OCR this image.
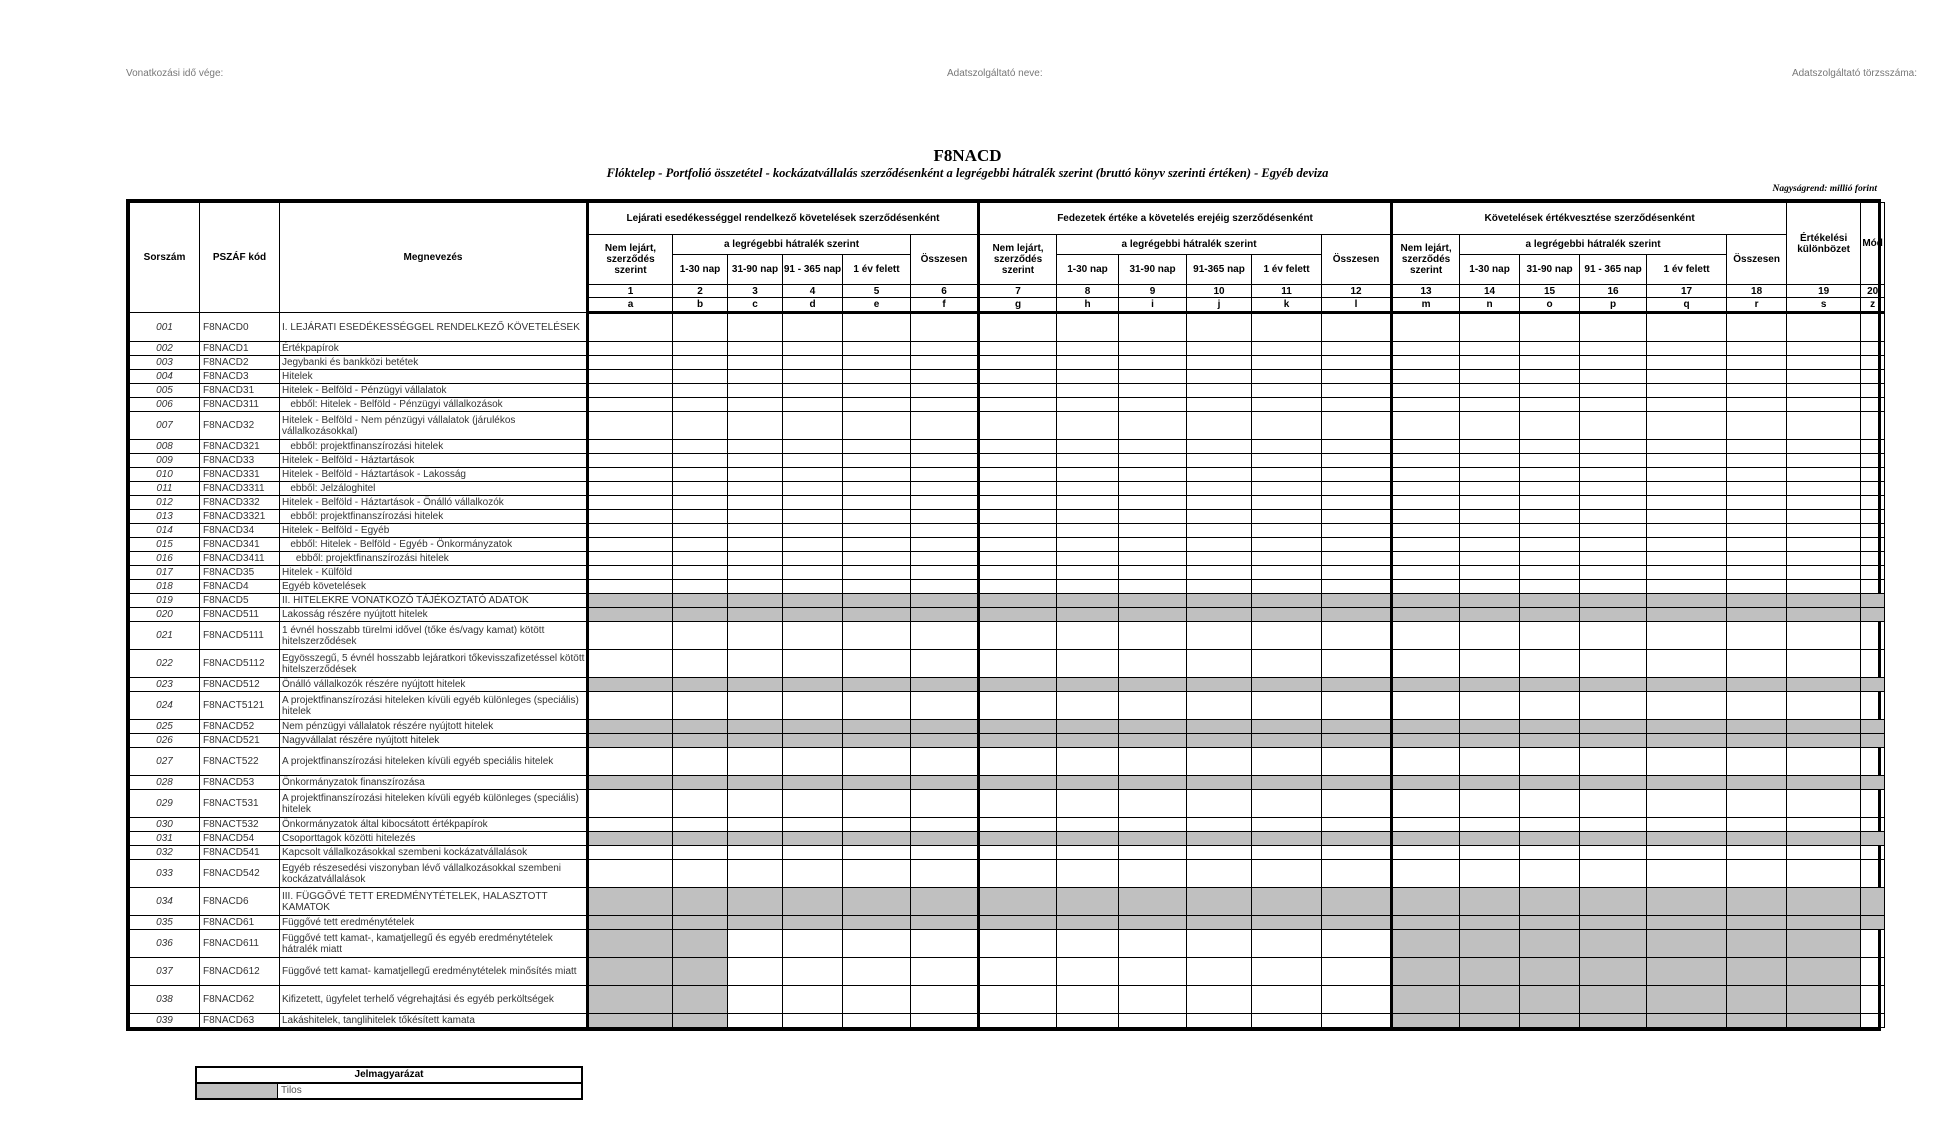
Vonatkozási idő vége:	Adatszolgáltató neve:	Adatszolgáltató törzsszáma:
F8NACD
Flóktelep - Portfolió összetétel - kockázatvállalás szerződésenként a legrégebbi hátralék szerint (bruttó könyv szerinti értéken) - Egyéb deviza
Nagyságrend: millió forint
Sorszám	PSZÁF kód	Megnevezés	Lejárati esedékességgel rendelkező követelések szerződésenként						Fedezetek értéke a követelés erejéig szerződésenként						Követelések értékvesztése szerződésenként						Értékelési különbözet	Mód
			Nem lejárt, szerződés szerint	a legrégebbi hátralék szerint				Összesen	Nem lejárt, szerződés szerint	a legrégebbi hátralék szerint				Összesen	Nem lejárt, szerződés szerint	a legrégebbi hátralék szerint				Összesen		
				1-30 nap	31-90 nap	91 - 365 nap	1 év felett			1-30 nap	31-90 nap	91-365 nap	1 év felett			1-30 nap	31-90 nap	91 - 365 nap	1 év felett			
			1	2	3	4	5	6	7	8	9	10	11	12	13	14	15	16	17	18	19	20
			a	b	c	d	e	f	g	h	i	j	k	l	m	n	o	p	q	r	s	z
001	F8NACD0	I. LEJÁRATI ESEDÉKESSÉGGEL RENDELKEZŐ KÖVETELÉSEK																				
002	F8NACD1	Értékpapírok																				
003	F8NACD2	Jegybanki és bankközi betétek																				
004	F8NACD3	Hitelek																				
005	F8NACD31	Hitelek - Belföld - Pénzügyi vállalatok																				
006	F8NACD311	ebből: Hitelek - Belföld - Pénzügyi vállalkozások																				
007	F8NACD32	Hitelek - Belföld - Nem pénzügyi vállalatok (járulékos vállalkozásokkal)																				
008	F8NACD321	ebből: projektfinanszírozási hitelek																				
009	F8NACD33	Hitelek - Belföld - Háztartások																				
010	F8NACD331	Hitelek - Belföld - Háztartások - Lakosság																				
011	F8NACD3311	ebből: Jelzáloghitel																				
012	F8NACD332	Hitelek - Belföld - Háztartások - Önálló vállalkozók																				
013	F8NACD3321	ebből: projektfinanszírozási hitelek																				
014	F8NACD34	Hitelek - Belföld - Egyéb																				
015	F8NACD341	ebből: Hitelek - Belföld - Egyéb - Önkormányzatok																				
016	F8NACD3411	ebből: projektfinanszírozási hitelek																				
017	F8NACD35	Hitelek - Külföld																				
018	F8NACD4	Egyéb követelések																				
019	F8NACD5	II. HITELEKRE VONATKOZÓ TÁJÉKOZTATÓ ADATOK																				
020	F8NACD511	Lakosság részére nyújtott hitelek																				
021	F8NACD5111	1 évnél hosszabb türelmi idővel (tőke és/vagy kamat) kötött hitelszerződések																				
022	F8NACD5112	Egyösszegű, 5 évnél hosszabb lejáratkori tőkevisszafizetéssel kötött hitelszerződések																				
023	F8NACD512	Önálló vállalkozók részére nyújtott hitelek																				
024	F8NACT5121	A projektfinanszírozási hiteleken kívüli egyéb különleges (speciális) hitelek																				
025	F8NACD52	Nem pénzügyi vállalatok részére nyújtott hitelek																				
026	F8NACD521	Nagyvállalat részére nyújtott hitelek																				
027	F8NACT522	A projektfinanszírozási hiteleken kívüli egyéb speciális hitelek																				
028	F8NACD53	Önkormányzatok finanszírozása																				
029	F8NACT531	A projektfinanszírozási hiteleken kívüli egyéb különleges (speciális) hitelek																				
030	F8NACT532	Önkormányzatok által kibocsátott értékpapírok																				
031	F8NACD54	Csoporttagok közötti hitelezés																				
032	F8NACD541	Kapcsolt vállalkozásokkal szembeni kockázatvállalások																				
033	F8NACD542	Egyéb részesedési viszonyban lévő vállalkozásokkal szembeni kockázatvállalások																				
034	F8NACD6	III. FÜGGŐVÉ TETT EREDMÉNYTÉTELEK, HALASZTOTT KAMATOK																				
035	F8NACD61	Függővé tett eredménytételek																				
036	F8NACD611	Függővé tett kamat-, kamatjellegű és egyéb eredménytételek hátralék miatt																				
037	F8NACD612	Függővé tett kamat- kamatjellegű eredménytételek minősítés miatt																				
038	F8NACD62	Kifizetett, ügyfelet terhelő végrehajtási és egyéb perköltségek																				
039	F8NACD63	Lakáshitelek, tanglihitelek tőkésített kamata																				
Jelmagyarázat
Tilos
